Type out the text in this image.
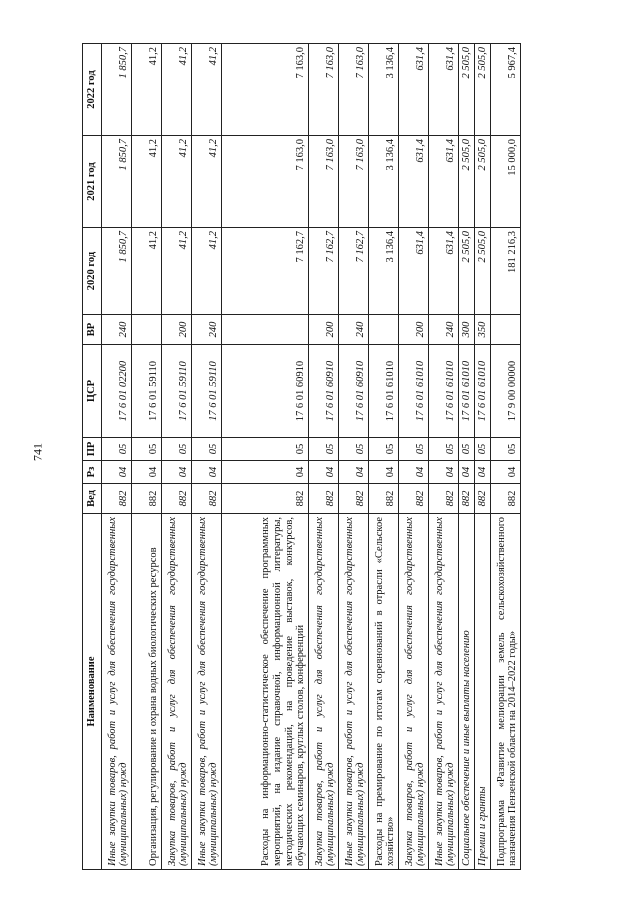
741
Наименование	Вед	Рз	ПР	ЦСР	ВР	2020 год	2021 год	2022 год
Иные закупки товаров, работ и услуг для обеспечения государственных (муниципальных) нужд	882	04	05	17 6 01 02200	240	1 850,7	1 850,7	1 850,7
Организация, регулирование и охрана водных биологических ресурсов	882	04	05	17 6 01 59110		41,2	41,2	41,2
Закупка товаров, работ и услуг для обеспечения государственных (муниципальных) нужд	882	04	05	17 6 01 59110	200	41,2	41,2	41,2
Иные закупки товаров, работ и услуг для обеспечения государственных (муниципальных) нужд	882	04	05	17 6 01 59110	240	41,2	41,2	41,2
Расходы на информационно-статистическое обеспечение программных мероприятий, на издание справочной, информационной литературы, методических рекомендаций, на проведение выставок, конкурсов, обучающих семинаров, круглых столов, конференций	882	04	05	17 6 01 60910		7 162,7	7 163,0	7 163,0
Закупка товаров, работ и услуг для обеспечения государственных (муниципальных) нужд	882	04	05	17 6 01 60910	200	7 162,7	7 163,0	7 163,0
Иные закупки товаров, работ и услуг для обеспечения государственных (муниципальных) нужд	882	04	05	17 6 01 60910	240	7 162,7	7 163,0	7 163,0
Расходы на премирование по итогам соревнований в отрасли «Сельское хозяйство»	882	04	05	17 6 01 61010		3 136,4	3 136,4	3 136,4
Закупка товаров, работ и услуг для обеспечения государственных (муниципальных) нужд	882	04	05	17 6 01 61010	200	631,4	631,4	631,4
Иные закупки товаров, работ и услуг для обеспечения государственных (муниципальных) нужд	882	04	05	17 6 01 61010	240	631,4	631,4	631,4
Социальное обеспечение и иные выплаты населению	882	04	05	17 6 01 61010	300	2 505,0	2 505,0	2 505,0
Премии и гранты	882	04	05	17 6 01 61010	350	2 505,0	2 505,0	2 505,0
Подпрограмма «Развитие мелиорации земель сельскохозяйственного назначения Пензенской области на 2014–2022 годы»	882	04	05	17 9 00 00000		181 216,3	15 000,0	5 967,4
